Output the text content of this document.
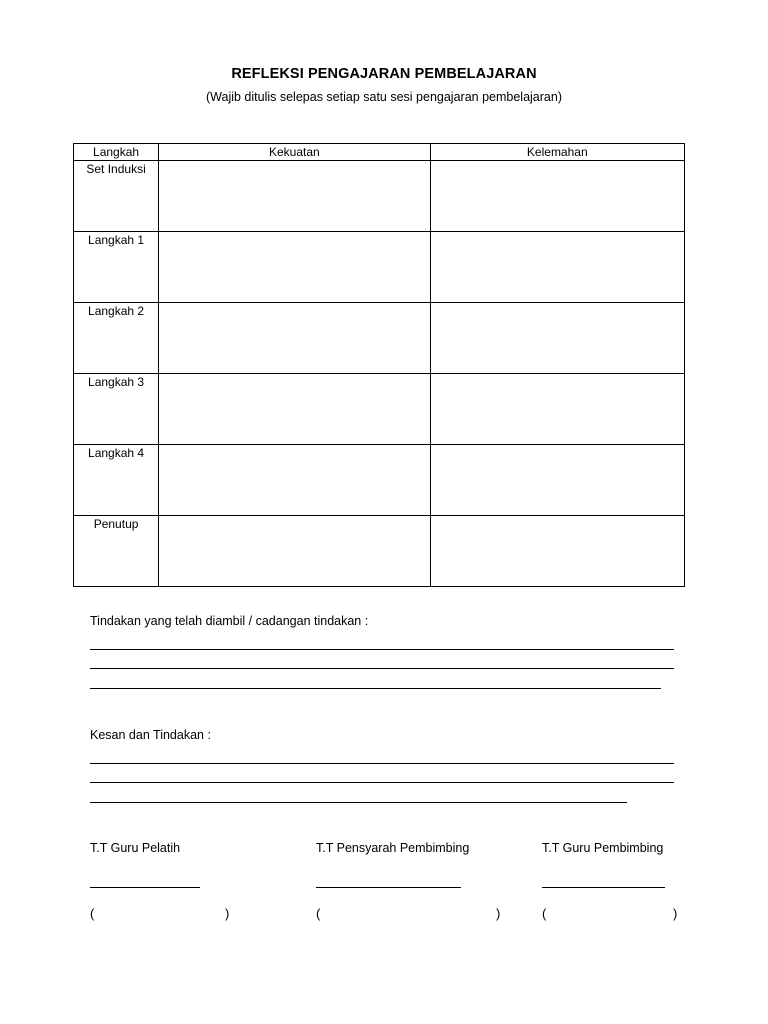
REFLEKSI PENGAJARAN PEMBELAJARAN
(Wajib ditulis selepas setiap satu sesi pengajaran pembelajaran)
Langkah	Kekuatan	Kelemahan
Set Induksi		
Langkah 1		
Langkah 2		
Langkah 3		
Langkah 4		
Penutup		
Tindakan yang telah diambil / cadangan tindakan :
Kesan dan Tindakan :
T.T Guru Pelatih	T.T Pensyarah Pembimbing	T.T Guru Pembimbing
(	)	(	)	(	)
